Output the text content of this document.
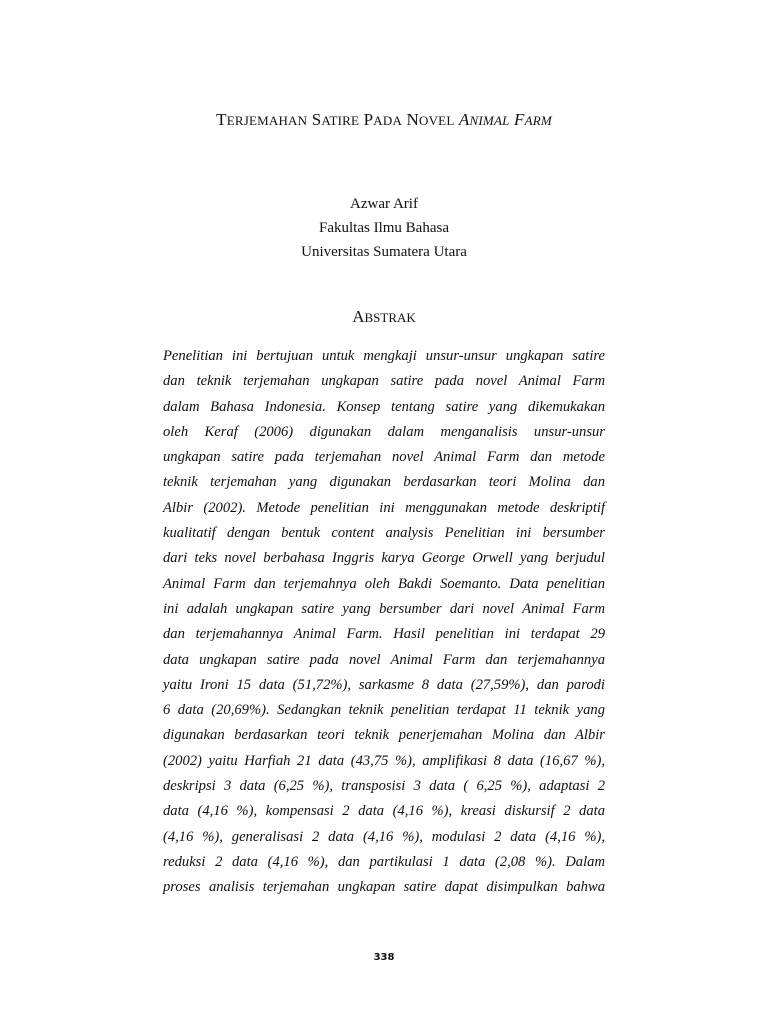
TERJEMAHAN SATIRE PADA NOVEL ANIMAL FARM
Azwar Arif
Fakultas Ilmu Bahasa
Universitas Sumatera Utara
ABSTRAK
Penelitian ini bertujuan untuk mengkaji unsur-unsur ungkapan satire
dan teknik terjemahan ungkapan satire pada novel Animal Farm
dalam Bahasa Indonesia. Konsep tentang satire yang dikemukakan
oleh Keraf (2006) digunakan dalam menganalisis unsur-unsur
ungkapan satire pada terjemahan novel Animal Farm dan metode
teknik terjemahan yang digunakan berdasarkan teori Molina dan
Albir (2002). Metode penelitian ini menggunakan metode deskriptif
kualitatif dengan bentuk content analysis Penelitian ini bersumber
dari teks novel berbahasa Inggris karya George Orwell yang berjudul
Animal Farm dan terjemahnya oleh Bakdi Soemanto. Data penelitian
ini adalah ungkapan satire yang bersumber dari novel Animal Farm
dan terjemahannya Animal Farm. Hasil penelitian ini terdapat 29
data ungkapan satire pada novel Animal Farm dan terjemahannya
yaitu Ironi 15 data (51,72%), sarkasme 8 data (27,59%), dan parodi
6 data (20,69%). Sedangkan teknik penelitian terdapat 11 teknik yang
digunakan berdasarkan teori teknik penerjemahan Molina dan Albir
(2002) yaitu Harfiah 21 data (43,75 %), amplifikasi 8 data (16,67 %),
deskripsi 3 data (6,25 %), transposisi 3 data ( 6,25 %), adaptasi 2
data (4,16 %), kompensasi 2 data (4,16 %), kreasi diskursif 2 data
(4,16 %), generalisasi 2 data (4,16 %), modulasi 2 data (4,16 %),
reduksi 2 data (4,16 %), dan partikulasi 1 data (2,08 %). Dalam
proses analisis terjemahan ungkapan satire dapat disimpulkan bahwa
338
